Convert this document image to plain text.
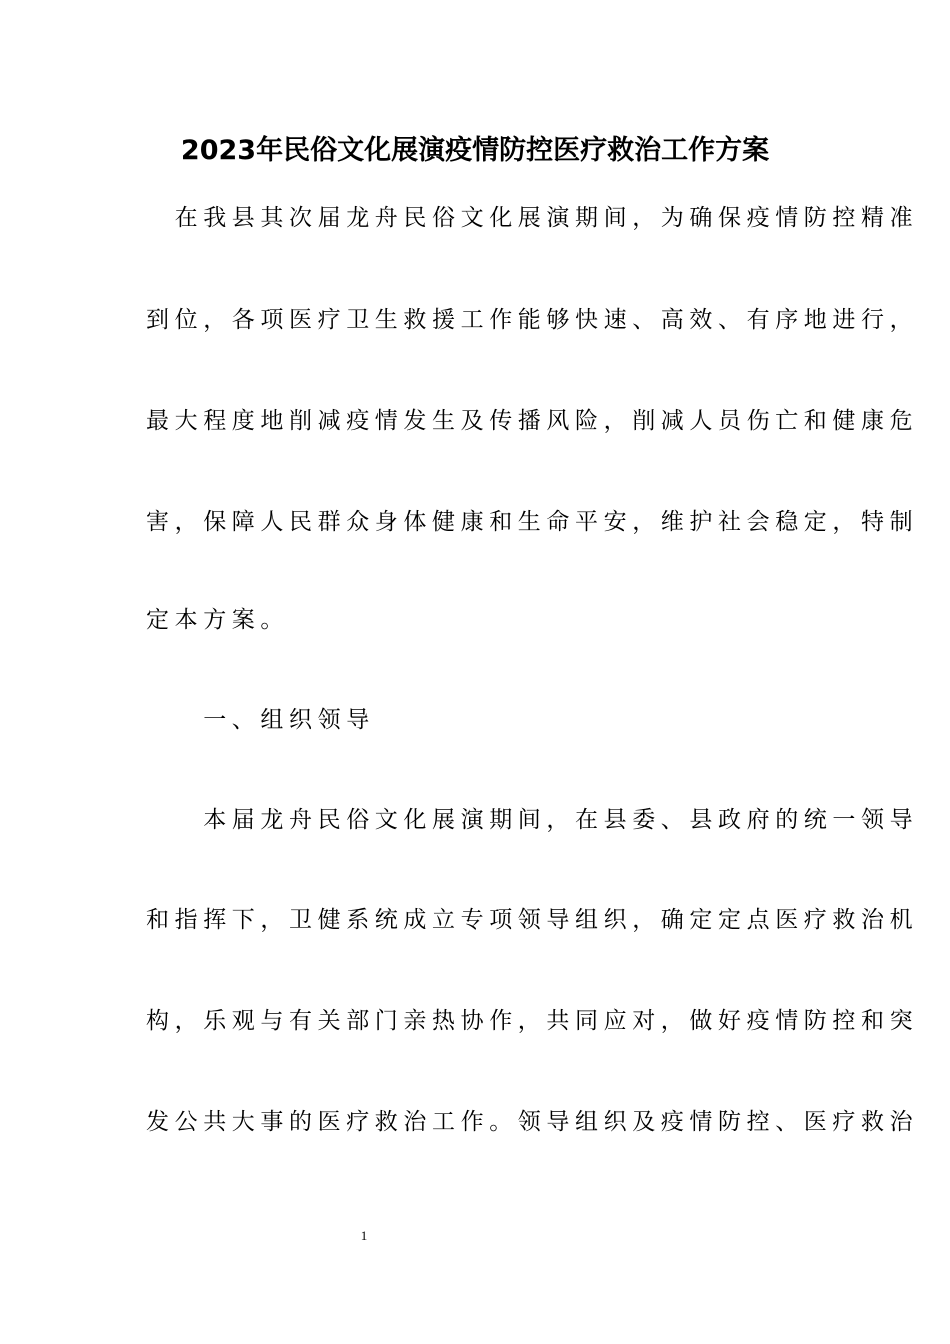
2023年民俗文化展演疫情防控医疗救治工作方案
　在我县其次届龙舟民俗文化展演期间，为确保疫情防控精准
到位，各项医疗卫生救援工作能够快速、高效、有序地进行，
最大程度地削减疫情发生及传播风险，削减人员伤亡和健康危
害，保障人民群众身体健康和生命平安，维护社会稳定，特制
定本方案。
　　一、组织领导
　　本届龙舟民俗文化展演期间，在县委、县政府的统一领导
和指挥下，卫健系统成立专项领导组织，确定定点医疗救治机
构，乐观与有关部门亲热协作，共同应对，做好疫情防控和突
发公共大事的医疗救治工作。领导组织及疫情防控、医疗救治
1
